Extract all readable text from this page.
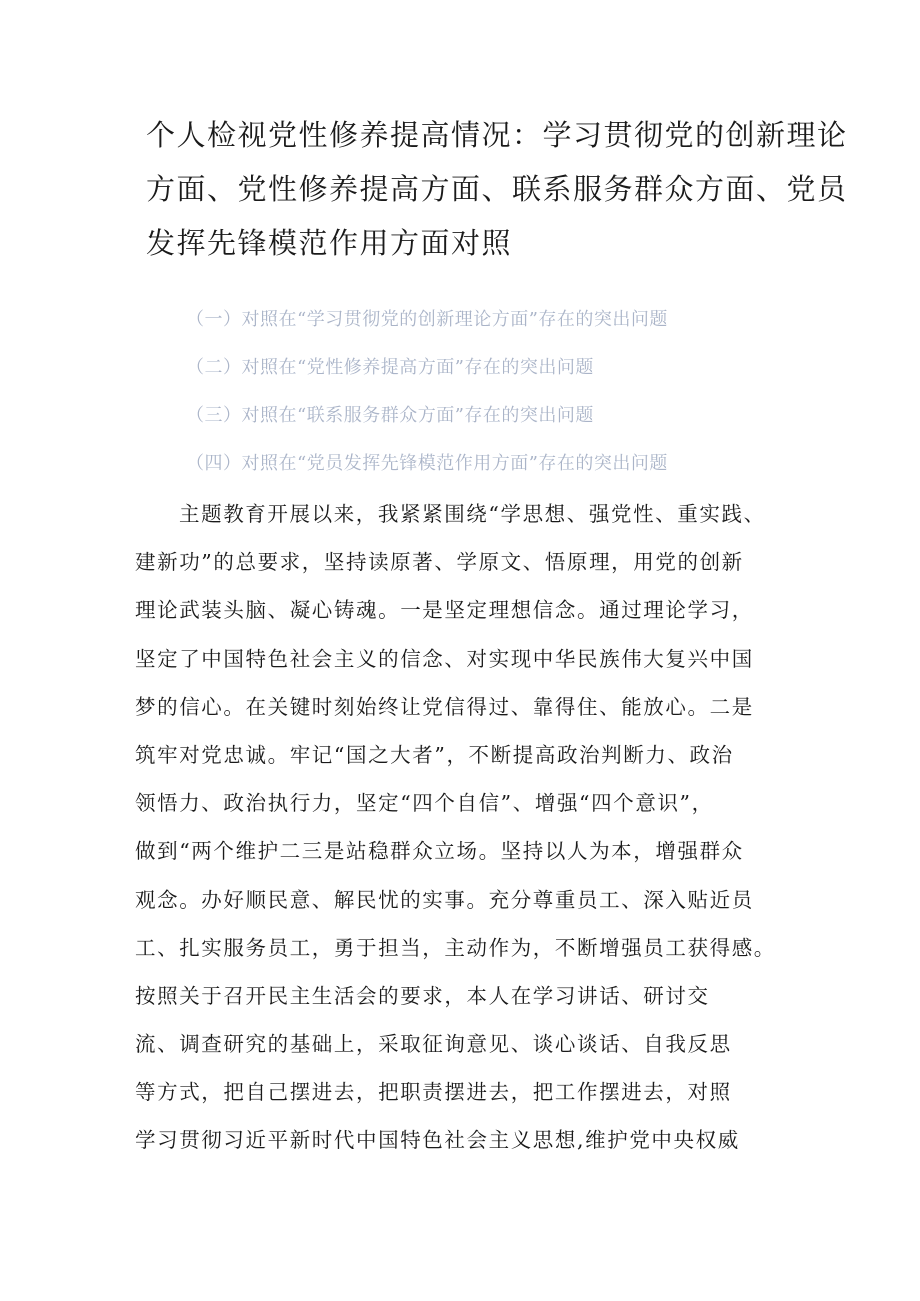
个人检视党性修养提高情况：学习贯彻党的创新理论
方面、党性修养提高方面、联系服务群众方面、党员
发挥先锋模范作用方面对照
（一）对照在“学习贯彻党的创新理论方面”存在的突出问题
（二）对照在“党性修养提高方面”存在的突出问题
（三）对照在“联系服务群众方面”存在的突出问题
（四）对照在“党员发挥先锋模范作用方面”存在的突出问题
主题教育开展以来，我紧紧围绕“学思想、强党性、重实践、
建新功”的总要求，坚持读原著、学原文、悟原理，用党的创新
理论武装头脑、凝心铸魂。一是坚定理想信念。通过理论学习，
坚定了中国特色社会主义的信念、对实现中华民族伟大复兴中国
梦的信心。在关键时刻始终让党信得过、靠得住、能放心。二是
筑牢对党忠诚。牢记“国之大者”，不断提高政治判断力、政治
领悟力、政治执行力，坚定“四个自信”、增强“四个意识”，
做到“两个维护二三是站稳群众立场。坚持以人为本，增强群众
观念。办好顺民意、解民忧的实事。充分尊重员工、深入贴近员
工、扎实服务员工，勇于担当，主动作为，不断增强员工获得感。
按照关于召开民主生活会的要求，本人在学习讲话、研讨交
流、调查研究的基础上，采取征询意见、谈心谈话、自我反思
等方式，把自己摆进去，把职责摆进去，把工作摆进去，对照
学习贯彻习近平新时代中国特色社会主义思想,维护党中央权威
